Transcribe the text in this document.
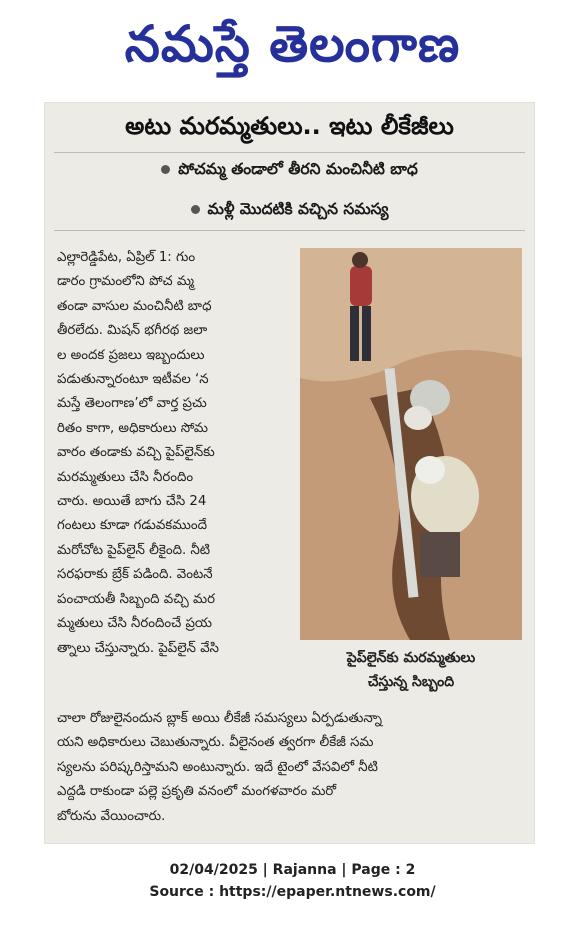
నమస్తే తెలంగాణ
అటు మరమ్మతులు.. ఇటు లీకేజీలు
పోచమ్మ తండాలో తీరని మంచినీటి బాధ
మళ్లీ మొదటికి వచ్చిన సమస్య
ఎల్లారెడ్డిపేట, ఏప్రిల్ 1: గుం
డారం గ్రామంలోని పోచ మ్మ
తండా వాసుల మంచినీటి బాధ
తీరలేదు. మిషన్ భగీరథ జలా
ల అందక ప్రజలు ఇబ్బందులు
పడుతున్నారంటూ ఇటీవల ‘న
మస్తే తెలంగాణ’లో వార్త ప్రచు
రితం కాగా, అధికారులు సోమ
వారం తండాకు వచ్చి పైప్‌లైన్‌కు
మరమ్మతులు చేసి నీరందిం
చారు. అయితే బాగు చేసి 24
గంటలు కూడా గడువకముందే
మరోచోట పైప్‌లైన్ లీకైంది. నీటి
సరఫరాకు బ్రేక్ పడింది. వెంటనే
పంచాయతీ సిబ్బంది వచ్చి మర
మ్మతులు చేసి నీరందించే ప్రయ
త్నాలు చేస్తున్నారు. పైప్‌లైన్ వేసి
పైప్‌లైన్‌కు మరమ్మతులు
చేస్తున్న సిబ్బంది
చాలా రోజులైనందున బ్లాక్ అయి లీకేజీ సమస్యలు ఏర్పడుతున్నా
యని అధికారులు చెబుతున్నారు. వీలైనంత త్వరగా లీకేజీ సమ
స్యలను పరిష్కరిస్తామని అంటున్నారు. ఇదే టైంలో వేసవిలో నీటి
ఎద్దడి రాకుండా పల్లె ప్రకృతి వనంలో మంగళవారం మరో
బోరును వేయించారు.
02/04/2025 | Rajanna | Page : 2
Source : https://epaper.ntnews.com/
